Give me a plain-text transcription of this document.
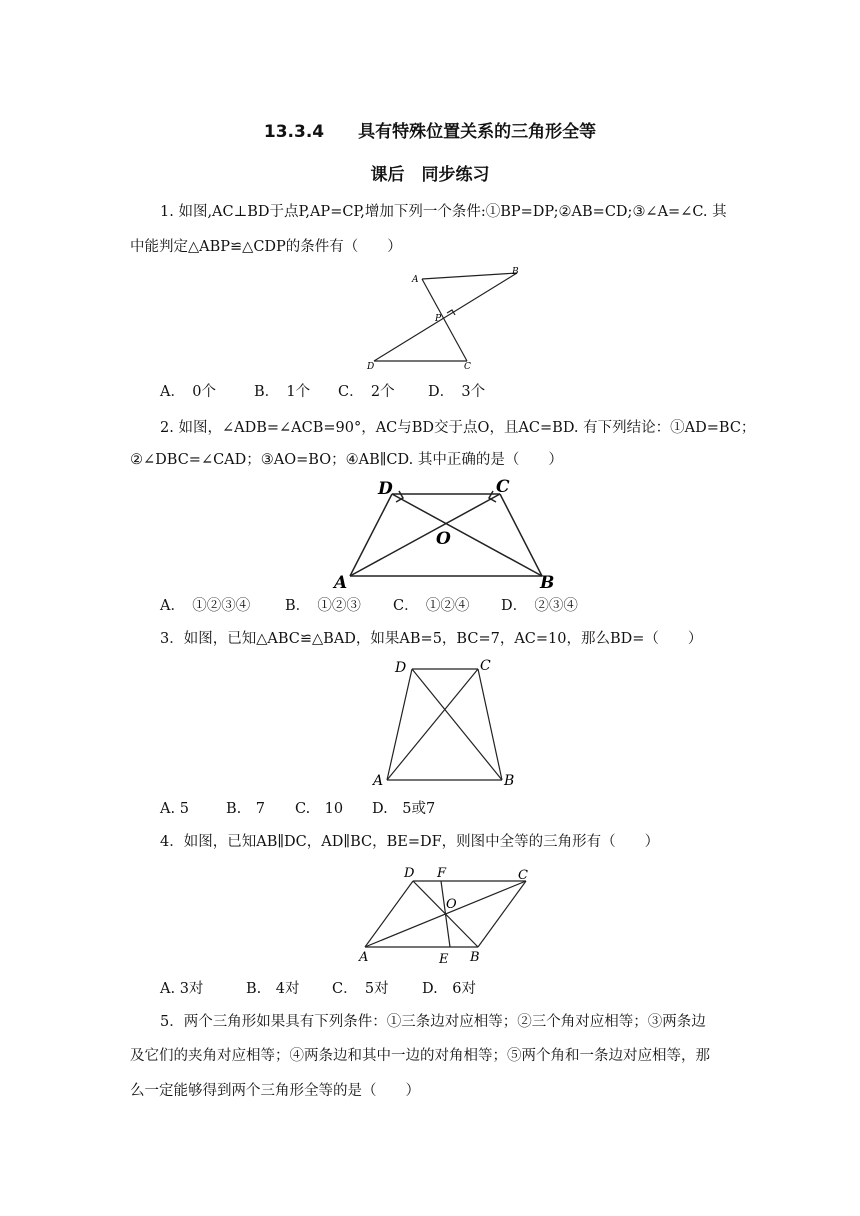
13.3.4　　具有特殊位置关系的三角形全等
课后　同步练习
1. 如图,AC⊥BD于点P,AP=CP,增加下列一个条件:①BP=DP;②AB=CD;③∠A=∠C. 其
中能判定△ABP≌△CDP的条件有（　　）
A
B
P
D	C
A．　0个	B．　1个 C．　2个 D．　3个
2. 如图，∠ADB=∠ACB=90°，AC与BD交于点O，且AC=BD. 有下列结论：①AD=BC；
②∠DBC=∠CAD；③AO=BO；④AB∥CD. 其中正确的是（　　）
D	C
O
A	B
A．　①②③④ B．　①②③ C．　①②④ D．　②③④
3．如图，已知△ABC≌△BAD，如果AB=5，BC=7，AC=10，那么BD=（　　）
D	C
A	B
A. 5	B.　7 C.　10 D.　5或7
4．如图，已知AB∥DC，AD∥BC，BE=DF，则图中全等的三角形有（　　）
D F	C
O
A	E B
A. 3对	B.　4对 C．　5对 D.　6对
5．两个三角形如果具有下列条件：①三条边对应相等；②三个角对应相等；③两条边
及它们的夹角对应相等；④两条边和其中一边的对角相等；⑤两个角和一条边对应相等，那
么一定能够得到两个三角形全等的是（　　）
